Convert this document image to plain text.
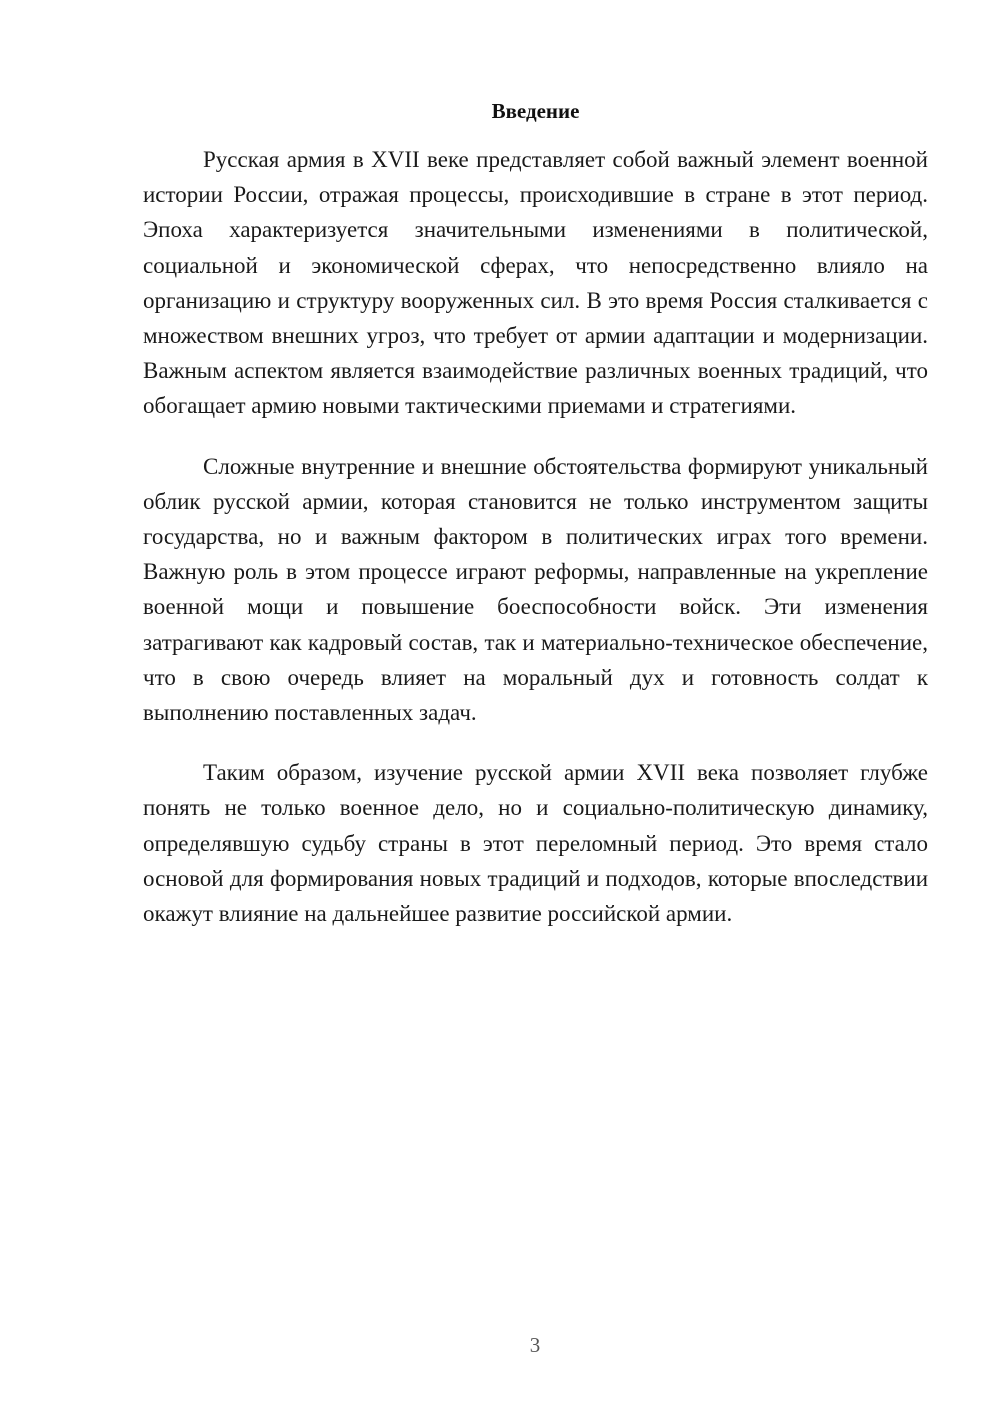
Введение

Русская армия в XVII веке представляет собой важный элемент военной истории России, отражая процессы, происходившие в стране в этот период. Эпоха характеризуется значительными изменениями в политической, социальной и экономической сферах, что непосредственно влияло на организацию и структуру вооруженных сил. В это время Россия сталкивается с множеством внешних угроз, что требует от армии адаптации и модернизации. Важным аспектом является взаимодействие различных военных традиций, что обогащает армию новыми тактическими приемами и стратегиями.

Сложные внутренние и внешние обстоятельства формируют уникальный облик русской армии, которая становится не только инструментом защиты государства, но и важным фактором в политических играх того времени. Важную роль в этом процессе играют реформы, направленные на укрепление военной мощи и повышение боеспособности войск. Эти изменения затрагивают как кадровый состав, так и материально-техническое обеспечение, что в свою очередь влияет на моральный дух и готовность солдат к выполнению поставленных задач.

Таким образом, изучение русской армии XVII века позволяет глубже понять не только военное дело, но и социально-политическую динамику, определявшую судьбу страны в этот переломный период. Это время стало основой для формирования новых традиций и подходов, которые впоследствии окажут влияние на дальнейшее развитие российской армии.

3
